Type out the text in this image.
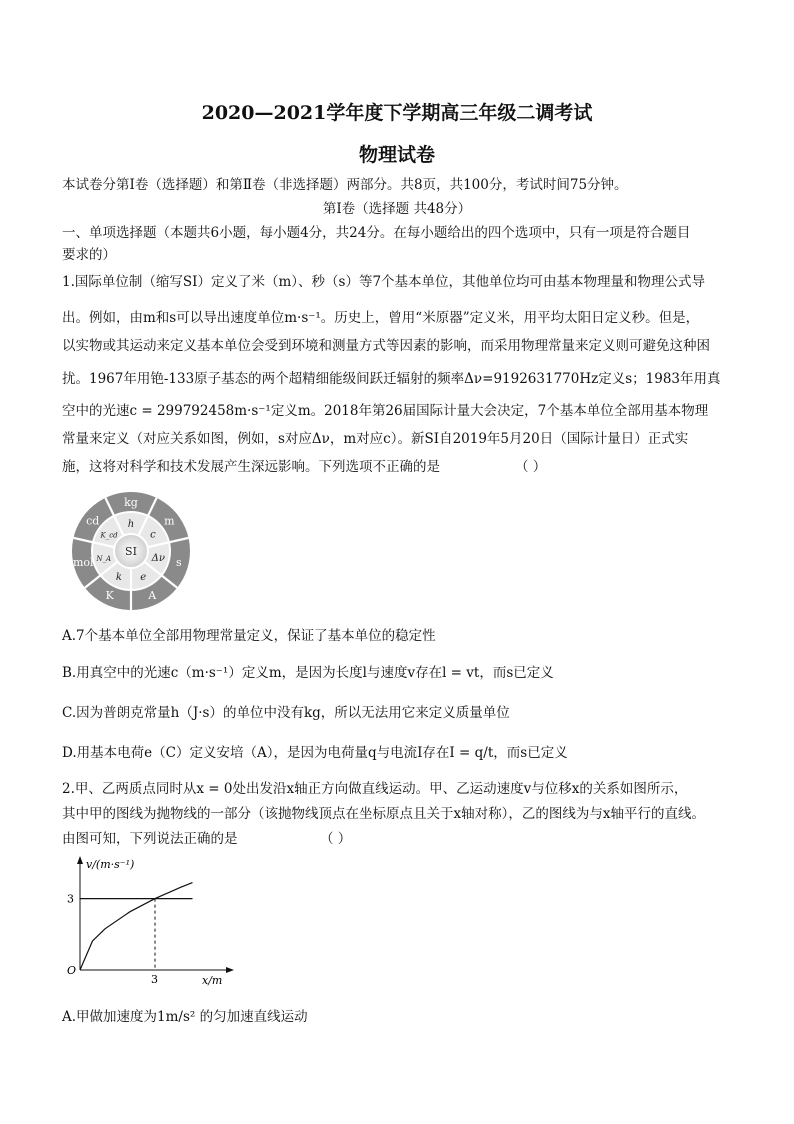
2020—2021学年度下学期高三年级二调考试
物理试卷
本试卷分第Ⅰ卷（选择题）和第Ⅱ卷（非选择题）两部分。共8页，共100分，考试时间75分钟。
第Ⅰ卷（选择题 共48分）
一、单项选择题（本题共6小题，每小题4分，共24分。在每小题给出的四个选项中，只有一项是符合题目
要求的）
1.国际单位制（缩写SI）定义了米（m）、秒（s）等7个基本单位，其他单位均可由基本物理量和物理公式导
出。例如，由m和s可以导出速度单位m·s⁻¹。历史上，曾用“米原器”定义米，用平均太阳日定义秒。但是，
以实物或其运动来定义基本单位会受到环境和测量方式等因素的影响，而采用物理常量来定义则可避免这种困
扰。1967年用铯-133原子基态的两个超精细能级间跃迁辐射的频率Δν=9192631770Hz定义s；1983年用真
空中的光速c = 299792458m·s⁻¹定义m。2018年第26届国际计量大会决定，7个基本单位全部用基本物理
常量来定义（对应关系如图，例如，s对应Δν，m对应c）。新SI自2019年5月20日（国际计量日）正式实
施，这将对科学和技术发展产生深远影响。下列选项不正确的是	（ ）
kg
m
s
A
K
mol
cd	h
c
Δν
e
k
N_A
K_cd
SI
A.7个基本单位全部用物理常量定义，保证了基本单位的稳定性
B.用真空中的光速c（m·s⁻¹）定义m，是因为长度l与速度v存在l = vt，而s已定义
C.因为普朗克常量h（J·s）的单位中没有kg，所以无法用它来定义质量单位
D.用基本电荷e（C）定义安培（A），是因为电荷量q与电流I存在I = q/t，而s已定义
2.甲、乙两质点同时从x = 0处出发沿x轴正方向做直线运动。甲、乙运动速度v与位移x的关系如图所示，
其中甲的图线为抛物线的一部分（该抛物线顶点在坐标原点且关于x轴对称），乙的图线为与x轴平行的直线。
由图可知，下列说法正确的是	（ ）
v/(m·s⁻¹)
x/m
O
3
3
A.甲做加速度为1m/s² 的匀加速直线运动
